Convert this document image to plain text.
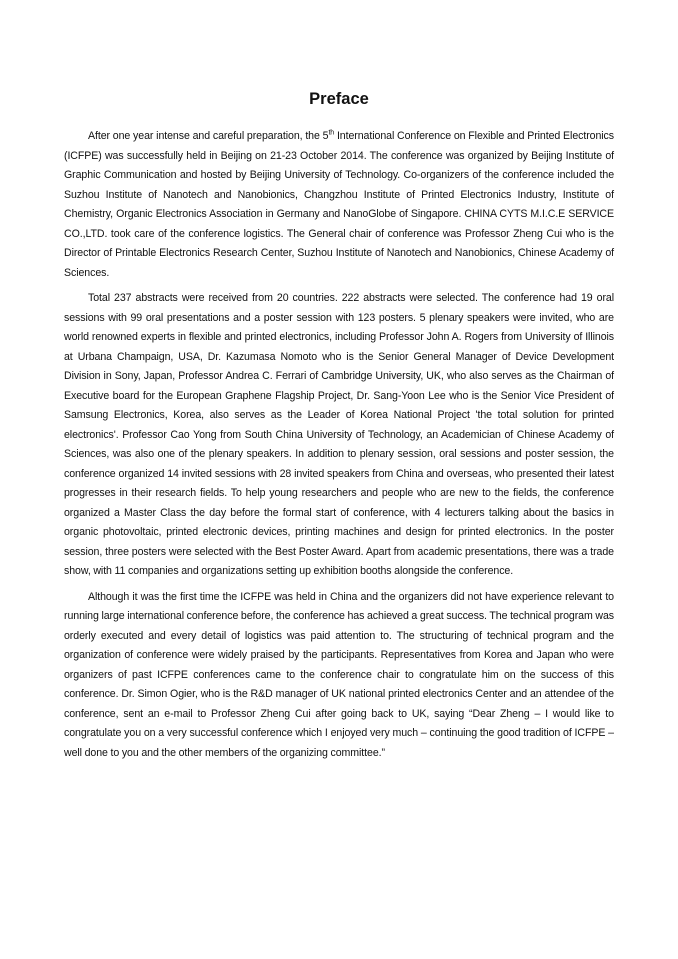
Preface

After one year intense and careful preparation, the 5th International Conference on Flexible and Printed Electronics (ICFPE) was successfully held in Beijing on 21-23 October 2014. The conference was organized by Beijing Institute of Graphic Communication and hosted by Beijing University of Technology. Co-organizers of the conference included the Suzhou Institute of Nanotech and Nanobionics, Changzhou Institute of Printed Electronics Industry, Institute of Chemistry, Organic Electronics Association in Germany and NanoGlobe of Singapore. CHINA CYTS M.I.C.E SERVICE CO.,LTD. took care of the conference logistics. The General chair of conference was Professor Zheng Cui who is the Director of Printable Electronics Research Center, Suzhou Institute of Nanotech and Nanobionics, Chinese Academy of Sciences.

Total 237 abstracts were received from 20 countries. 222 abstracts were selected. The conference had 19 oral sessions with 99 oral presentations and a poster session with 123 posters. 5 plenary speakers were invited, who are world renowned experts in flexible and printed electronics, including Professor John A. Rogers from University of Illinois at Urbana Champaign, USA, Dr. Kazumasa Nomoto who is the Senior General Manager of Device Development Division in Sony, Japan, Professor Andrea C. Ferrari of Cambridge University, UK, who also serves as the Chairman of Executive board for the European Graphene Flagship Project, Dr. Sang-Yoon Lee who is the Senior Vice President of Samsung Electronics, Korea, also serves as the Leader of Korea National Project 'the total solution for printed electronics'. Professor Cao Yong from South China University of Technology, an Academician of Chinese Academy of Sciences, was also one of the plenary speakers. In addition to plenary session, oral sessions and poster session, the conference organized 14 invited sessions with 28 invited speakers from China and overseas, who presented their latest progresses in their research fields. To help young researchers and people who are new to the fields, the conference organized a Master Class the day before the formal start of conference, with 4 lecturers talking about the basics in organic photovoltaic, printed electronic devices, printing machines and design for printed electronics. In the poster session, three posters were selected with the Best Poster Award. Apart from academic presentations, there was a trade show, with 11 companies and organizations setting up exhibition booths alongside the conference.

Although it was the first time the ICFPE was held in China and the organizers did not have experience relevant to running large international conference before, the conference has achieved a great success. The technical program was orderly executed and every detail of logistics was paid attention to. The structuring of technical program and the organization of conference were widely praised by the participants. Representatives from Korea and Japan who were organizers of past ICFPE conferences came to the conference chair to congratulate him on the success of this conference. Dr. Simon Ogier, who is the R&D manager of UK national printed electronics Center and an attendee of the conference, sent an e-mail to Professor Zheng Cui after going back to UK, saying “Dear Zheng – I would like to congratulate you on a very successful conference which I enjoyed very much – continuing the good tradition of ICFPE – well done to you and the other members of the organizing committee.”
